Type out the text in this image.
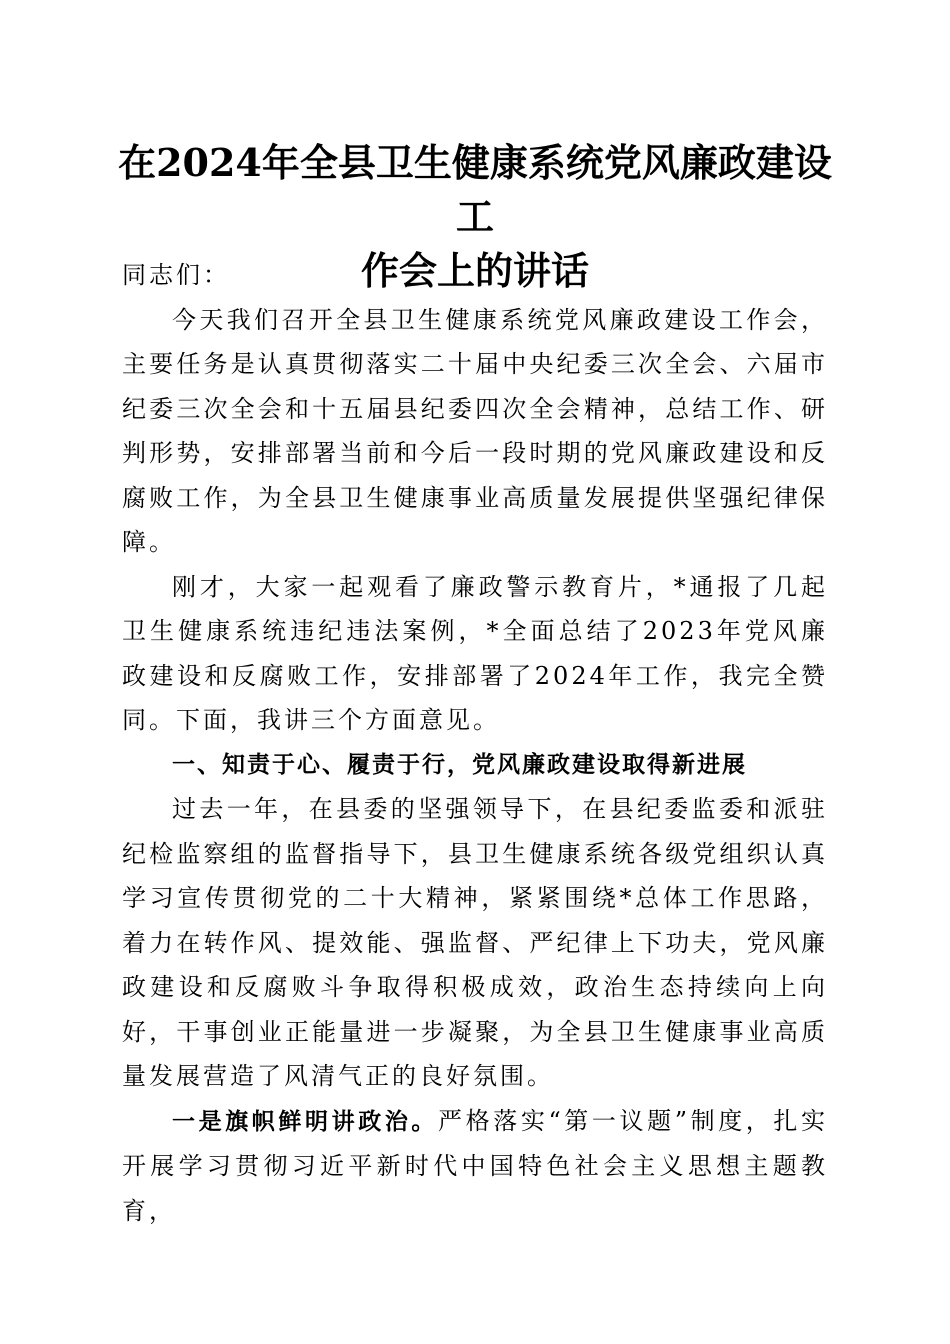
在2024年全县卫生健康系统党风廉政建设工
作会上的讲话

同志们：

今天我们召开全县卫生健康系统党风廉政建设工作会，主要任务是认真贯彻落实二十届中央纪委三次全会、六届市纪委三次全会和十五届县纪委四次全会精神，总结工作、研判形势，安排部署当前和今后一段时期的党风廉政建设和反腐败工作，为全县卫生健康事业高质量发展提供坚强纪律保障。

刚才，大家一起观看了廉政警示教育片，*通报了几起卫生健康系统违纪违法案例，*全面总结了2023年党风廉政建设和反腐败工作，安排部署了2024年工作，我完全赞同。下面，我讲三个方面意见。

一、知责于心、履责于行，党风廉政建设取得新进展

过去一年，在县委的坚强领导下，在县纪委监委和派驻纪检监察组的监督指导下，县卫生健康系统各级党组织认真学习宣传贯彻党的二十大精神，紧紧围绕*总体工作思路，着力在转作风、提效能、强监督、严纪律上下功夫，党风廉政建设和反腐败斗争取得积极成效，政治生态持续向上向好，干事创业正能量进一步凝聚，为全县卫生健康事业高质量发展营造了风清气正的良好氛围。

一是旗帜鲜明讲政治。严格落实“第一议题”制度，扎实开展学习贯彻习近平新时代中国特色社会主义思想主题教育，
